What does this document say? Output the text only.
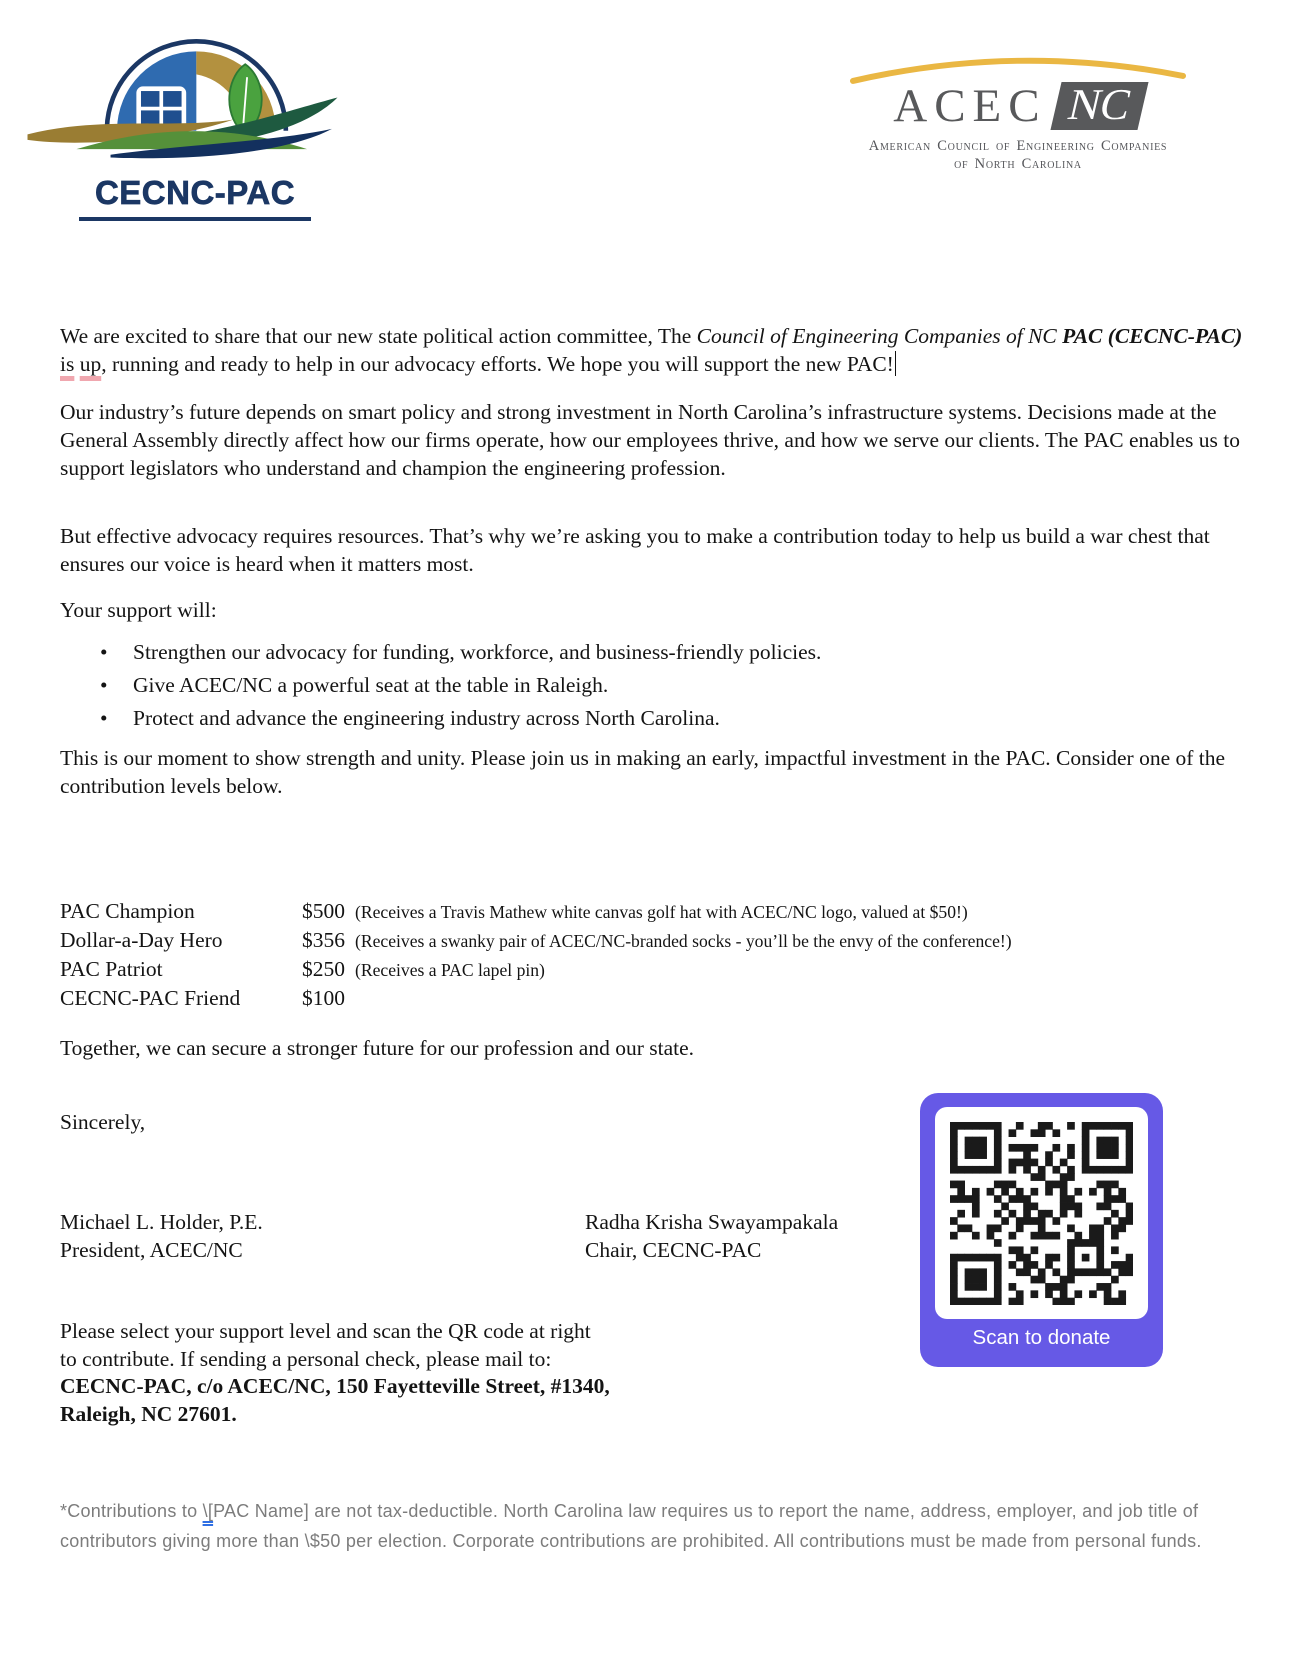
CECNC-PAC
ACEC NC
American Council of Engineering Companies
of North Carolina
We are excited to share that our new state political action committee, The Council of Engineering Companies of NC PAC (CECNC-PAC) is up, running and ready to help in our advocacy efforts. We hope you will support the new PAC!
Our industry’s future depends on smart policy and strong investment in North Carolina’s infrastructure systems. Decisions made at the General Assembly directly affect how our firms operate, how our employees thrive, and how we serve our clients. The PAC enables us to support legislators who understand and champion the engineering profession.
But effective advocacy requires resources. That’s why we’re asking you to make a contribution today to help us build a war chest that ensures our voice is heard when it matters most.
Your support will:
•	Strengthen our advocacy for funding, workforce, and business-friendly policies.
•	Give ACEC/NC a powerful seat at the table in Raleigh.
•	Protect and advance the engineering industry across North Carolina.
This is our moment to show strength and unity. Please join us in making an early, impactful investment in the PAC. Consider one of the contribution levels below.
PAC Champion	$500 (Receives a Travis Mathew white canvas golf hat with ACEC/NC logo, valued at $50!)
Dollar-a-Day Hero	$356 (Receives a swanky pair of ACEC/NC-branded socks - you’ll be the envy of the conference!)
PAC Patriot	$250 (Receives a PAC lapel pin)
CECNC-PAC Friend	$100
Together, we can secure a stronger future for our profession and our state.
Sincerely,
Michael L. Holder, P.E.
President, ACEC/NC
Radha Krisha Swayampakala
Chair, CECNC-PAC
Please select your support level and scan the QR code at right
to contribute. If sending a personal check, please mail to:
CECNC-PAC, c/o ACEC/NC, 150 Fayetteville Street, #1340,
Raleigh, NC 27601.
Scan to donate
*Contributions to \[PAC Name] are not tax-deductible. North Carolina law requires us to report the name, address, employer, and job title of contributors giving more than \$50 per election. Corporate contributions are prohibited. All contributions must be made from personal funds.
